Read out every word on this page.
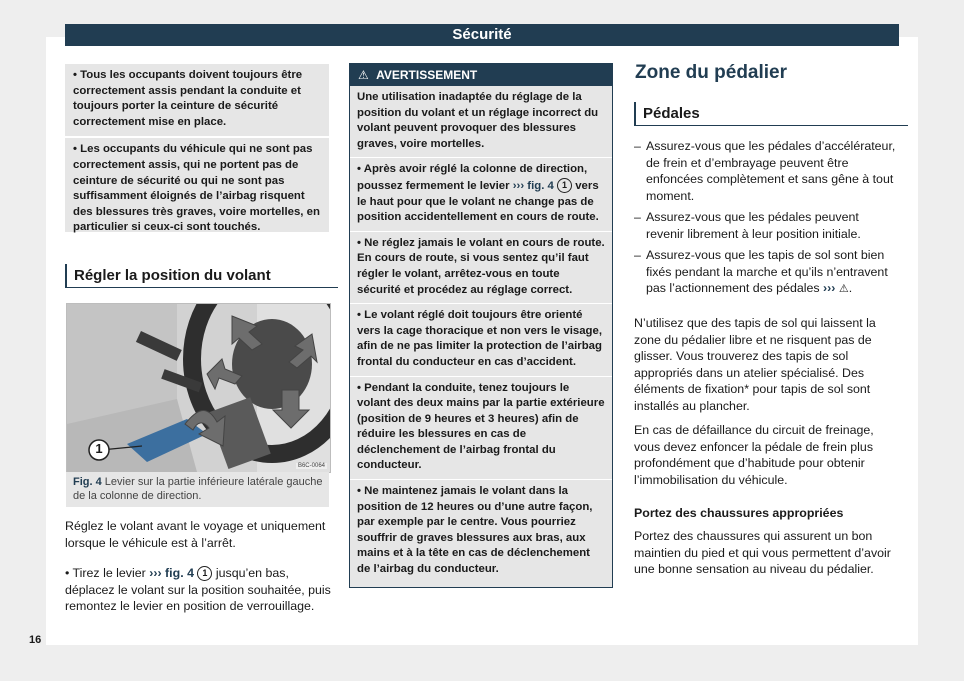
Sécurité
• Tous les occupants doivent toujours être correctement assis pendant la conduite et toujours porter la ceinture de sécurité correctement mise en place.
• Les occupants du véhicule qui ne sont pas correctement assis, qui ne portent pas de ceinture de sécurité ou qui ne sont pas suffisamment éloignés de l’airbag risquent des blessures très graves, voire mortelles, en particulier si ceux-ci sont touchés.
Régler la position du volant
1
B6C-0064
Fig. 4 Levier sur la partie inférieure latérale gauche de la colonne de direction.
Réglez le volant avant le voyage et uniquement lorsque le véhicule est à l’arrêt.
• Tirez le levier ››› fig. 4 1 jusqu’en bas, déplacez le volant sur la position souhaitée, puis remontez le levier en position de verrouillage.
16
⚠ AVERTISSEMENT

Une utilisation inadaptée du réglage de la position du volant et un réglage incorrect du volant peuvent provoquer des blessures graves, voire mortelles.

• Après avoir réglé la colonne de direction, poussez fermement le levier ››› fig. 4 1 vers le haut pour que le volant ne change pas de position accidentellement en cours de route.

• Ne réglez jamais le volant en cours de route. En cours de route, si vous sentez qu’il faut régler le volant, arrêtez-vous en toute sécurité et procédez au réglage correct.

• Le volant réglé doit toujours être orienté vers la cage thoracique et non vers le visage, afin de ne pas limiter la protection de l’airbag frontal du conducteur en cas d’accident.

• Pendant la conduite, tenez toujours le volant des deux mains par la partie extérieure (position de 9 heures et 3 heures) afin de réduire les blessures en cas de déclenchement de l’airbag frontal du conducteur.

• Ne maintenez jamais le volant dans la position de 12 heures ou d’une autre façon, par exemple par le centre. Vous pourriez souffrir de graves blessures aux bras, aux mains et à la tête en cas de déclenchement de l’airbag du conducteur.

Zone du pédalier
Pédales
– Assurez-vous que les pédales d’accélérateur, de frein et d’embrayage peuvent être enfoncées complètement et sans gêne à tout moment.
– Assurez-vous que les pédales peuvent revenir librement à leur position initiale.
– Assurez-vous que les tapis de sol sont bien fixés pendant la marche et qu’ils n’entravent pas l’actionnement des pédales ››› ⚠.
N’utilisez que des tapis de sol qui laissent la zone du pédalier libre et ne risquent pas de glisser. Vous trouverez des tapis de sol appropriés dans un atelier spécialisé. Des éléments de fixation* pour tapis de sol sont installés au plancher.
En cas de défaillance du circuit de freinage, vous devez enfoncer la pédale de frein plus profondément que d’habitude pour obtenir l’immobilisation du véhicule.
Portez des chaussures appropriées
Portez des chaussures qui assurent un bon maintien du pied et qui vous permettent d’avoir une bonne sensation au niveau du pédalier.
